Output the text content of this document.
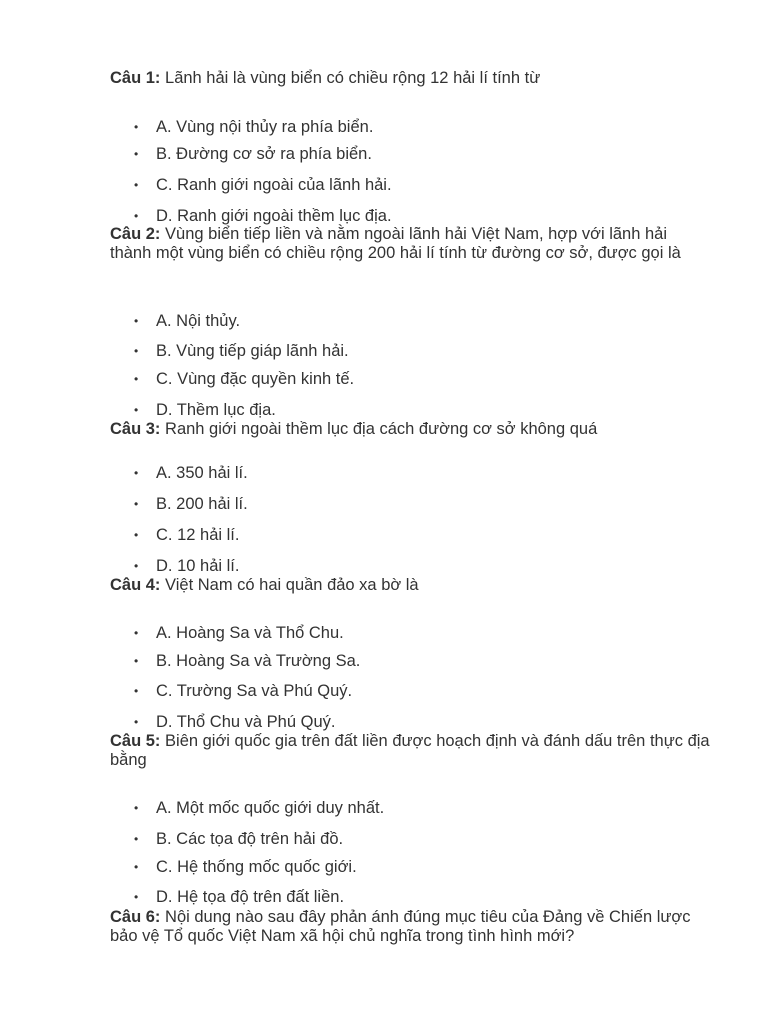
Câu 1: Lãnh hải là vùng biển có chiều rộng 12 hải lí tính từ

• A. Vùng nội thủy ra phía biển.

• B. Đường cơ sở ra phía biển.

• C. Ranh giới ngoài của lãnh hải.

• D. Ranh giới ngoài thềm lục địa.

Câu 2: Vùng biển tiếp liền và nằm ngoài lãnh hải Việt Nam, hợp với lãnh hải thành một vùng biển có chiều rộng 200 hải lí tính từ đường cơ sở, được gọi là

• A. Nội thủy.

• B. Vùng tiếp giáp lãnh hải.

• C. Vùng đặc quyền kinh tế.

• D. Thềm lục địa.

Câu 3: Ranh giới ngoài thềm lục địa cách đường cơ sở không quá

• A. 350 hải lí.

• B. 200 hải lí.

• C. 12 hải lí.

• D. 10 hải lí.

Câu 4: Việt Nam có hai quần đảo xa bờ là

• A. Hoàng Sa và Thổ Chu.

• B. Hoàng Sa và Trường Sa.

• C. Trường Sa và Phú Quý.

• D. Thổ Chu và Phú Quý.

Câu 5: Biên giới quốc gia trên đất liền được hoạch định và đánh dấu trên thực địa bằng

• A. Một mốc quốc giới duy nhất.

• B. Các tọa độ trên hải đồ.

• C. Hệ thống mốc quốc giới.

• D. Hệ tọa độ trên đất liền.

Câu 6: Nội dung nào sau đây phản ánh đúng mục tiêu của Đảng về Chiến lược bảo vệ Tổ quốc Việt Nam xã hội chủ nghĩa trong tình hình mới?
